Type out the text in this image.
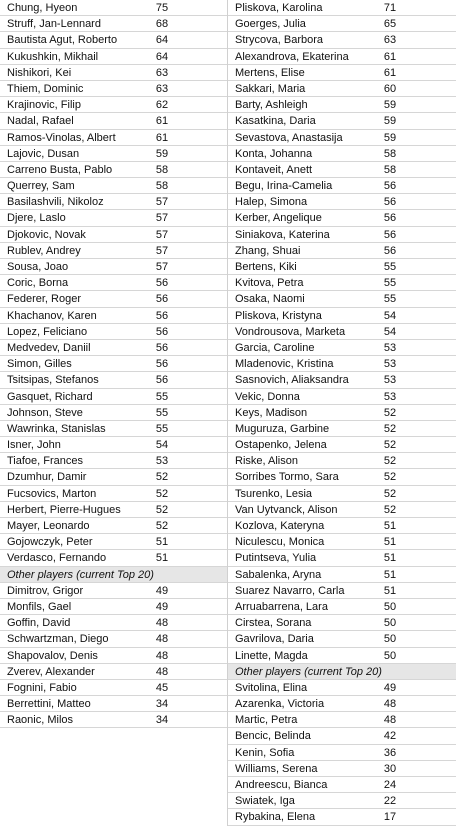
Chung, Hyeon	75
Struff, Jan-Lennard	68
Bautista Agut, Roberto	64
Kukushkin, Mikhail	64
Nishikori, Kei	63
Thiem, Dominic	63
Krajinovic, Filip	62
Nadal, Rafael	61
Ramos-Vinolas, Albert	61
Lajovic, Dusan	59
Carreno Busta, Pablo	58
Querrey, Sam	58
Basilashvili, Nikoloz	57
Djere, Laslo	57
Djokovic, Novak	57
Rublev, Andrey	57
Sousa, Joao	57
Coric, Borna	56
Federer, Roger	56
Khachanov, Karen	56
Lopez, Feliciano	56
Medvedev, Daniil	56
Simon, Gilles	56
Tsitsipas, Stefanos	56
Gasquet, Richard	55
Johnson, Steve	55
Wawrinka, Stanislas	55
Isner, John	54
Tiafoe, Frances	53
Dzumhur, Damir	52
Fucsovics, Marton	52
Herbert, Pierre-Hugues	52
Mayer, Leonardo	52
Gojowczyk, Peter	51
Verdasco, Fernando	51
Other players (current Top 20)
Dimitrov, Grigor	49
Monfils, Gael	49
Goffin, David	48
Schwartzman, Diego	48
Shapovalov, Denis	48
Zverev, Alexander	48
Fognini, Fabio	45
Berrettini, Matteo	34
Raonic, Milos	34
Pliskova, Karolina	71
Goerges, Julia	65
Strycova, Barbora	63
Alexandrova, Ekaterina	61
Mertens, Elise	61
Sakkari, Maria	60
Barty, Ashleigh	59
Kasatkina, Daria	59
Sevastova, Anastasija	59
Konta, Johanna	58
Kontaveit, Anett	58
Begu, Irina-Camelia	56
Halep, Simona	56
Kerber, Angelique	56
Siniakova, Katerina	56
Zhang, Shuai	56
Bertens, Kiki	55
Kvitova, Petra	55
Osaka, Naomi	55
Pliskova, Kristyna	54
Vondrousova, Marketa	54
Garcia, Caroline	53
Mladenovic, Kristina	53
Sasnovich, Aliaksandra	53
Vekic, Donna	53
Keys, Madison	52
Muguruza, Garbine	52
Ostapenko, Jelena	52
Riske, Alison	52
Sorribes Tormo, Sara	52
Tsurenko, Lesia	52
Van Uytvanck, Alison	52
Kozlova, Kateryna	51
Niculescu, Monica	51
Putintseva, Yulia	51
Sabalenka, Aryna	51
Suarez Navarro, Carla	51
Arruabarrena, Lara	50
Cirstea, Sorana	50
Gavrilova, Daria	50
Linette, Magda	50
Other players (current Top 20)
Svitolina, Elina	49
Azarenka, Victoria	48
Martic, Petra	48
Bencic, Belinda	42
Kenin, Sofia	36
Williams, Serena	30
Andreescu, Bianca	24
Swiatek, Iga	22
Rybakina, Elena	17
